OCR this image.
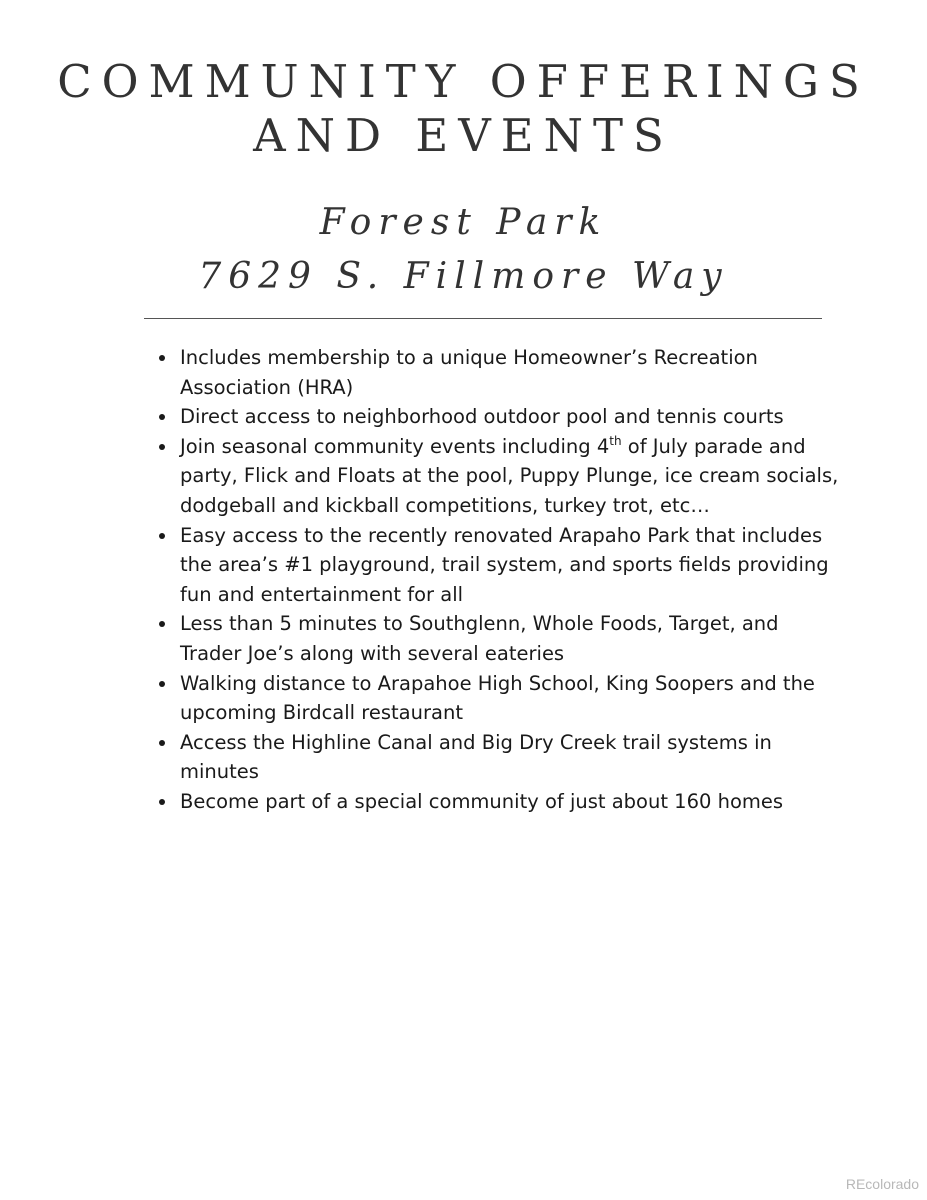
COMMUNITY OFFERINGS
AND EVENTS
Forest Park
7629 S. Fillmore Way
Includes membership to a unique Homeowner’s Recreation Association (HRA)
Direct access to neighborhood outdoor pool and tennis courts
Join seasonal community events including 4th of July parade and party, Flick and Floats at the pool, Puppy Plunge, ice cream socials, dodgeball and kickball competitions, turkey trot, etc…
Easy access to the recently renovated Arapaho Park that includes the area’s #1 playground, trail system, and sports fields providing fun and entertainment for all
Less than 5 minutes to Southglenn, Whole Foods, Target, and Trader Joe’s along with several eateries
Walking distance to Arapahoe High School, King Soopers and the upcoming Birdcall restaurant
Access the Highline Canal and Big Dry Creek trail systems in minutes
Become part of a special community of just about 160 homes
REcolorado
